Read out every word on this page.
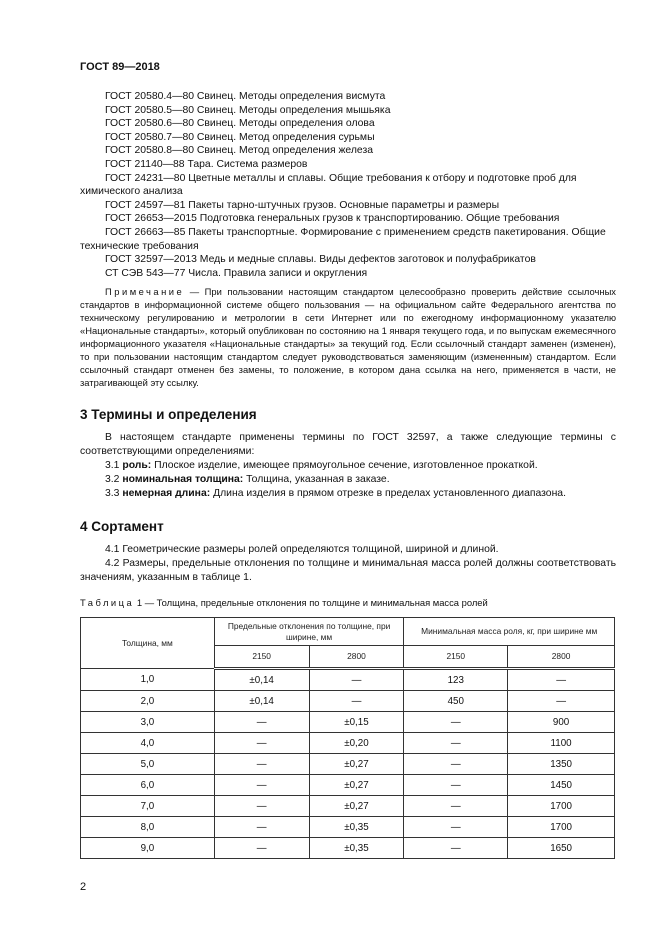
ГОСТ 89—2018
ГОСТ 20580.4—80 Свинец. Методы определения висмута
ГОСТ 20580.5—80 Свинец. Методы определения мышьяка
ГОСТ 20580.6—80 Свинец. Методы определения олова
ГОСТ 20580.7—80 Свинец. Метод определения сурьмы
ГОСТ 20580.8—80 Свинец. Метод определения железа
ГОСТ 21140—88 Тара. Система размеров
ГОСТ 24231—80 Цветные металлы и сплавы. Общие требования к отбору и подготовке проб для химического анализа
ГОСТ 24597—81 Пакеты тарно-штучных грузов. Основные параметры и размеры
ГОСТ 26653—2015 Подготовка генеральных грузов к транспортированию. Общие требования
ГОСТ 26663—85 Пакеты транспортные. Формирование с применением средств пакетирования. Общие технические требования
ГОСТ 32597—2013 Медь и медные сплавы. Виды дефектов заготовок и полуфабрикатов
СТ СЭВ 543—77 Числа. Правила записи и округления
Примечание — При пользовании настоящим стандартом целесообразно проверить действие ссылочных стандартов в информационной системе общего пользования — на официальном сайте Федерального агентства по техническому регулированию и метрологии в сети Интернет или по ежегодному информационному указателю «Национальные стандарты», который опубликован по состоянию на 1 января текущего года, и по выпускам ежемесячного информационного указателя «Национальные стандарты» за текущий год. Если ссылочный стандарт заменен (изменен), то при пользовании настоящим стандартом следует руководствоваться заменяющим (измененным) стандартом. Если ссылочный стандарт отменен без замены, то положение, в котором дана ссылка на него, применяется в части, не затрагивающей эту ссылку.
3 Термины и определения
В настоящем стандарте применены термины по ГОСТ 32597, а также следующие термины с соответствующими определениями:
3.1 роль: Плоское изделие, имеющее прямоугольное сечение, изготовленное прокаткой.
3.2 номинальная толщина: Толщина, указанная в заказе.
3.3 немерная длина: Длина изделия в прямом отрезке в пределах установленного диапазона.
4 Сортамент
4.1 Геометрические размеры ролей определяются толщиной, шириной и длиной.
4.2 Размеры, предельные отклонения по толщине и минимальная масса ролей должны соответствовать значениям, указанным в таблице 1.
Таблица 1 — Толщина, предельные отклонения по толщине и минимальная масса ролей
Толщина, мм	Предельные отклонения по толщине, при ширине, мм		Минимальная масса роля, кг, при ширине мм	
	2150	2800	2150	2800
1,0	±0,14	—	123	—
2,0	±0,14	—	450	—
3,0	—	±0,15	—	900
4,0	—	±0,20	—	1100
5,0	—	±0,27	—	1350
6,0	—	±0,27	—	1450
7,0	—	±0,27	—	1700
8,0	—	±0,35	—	1700
9,0	—	±0,35	—	1650
2
